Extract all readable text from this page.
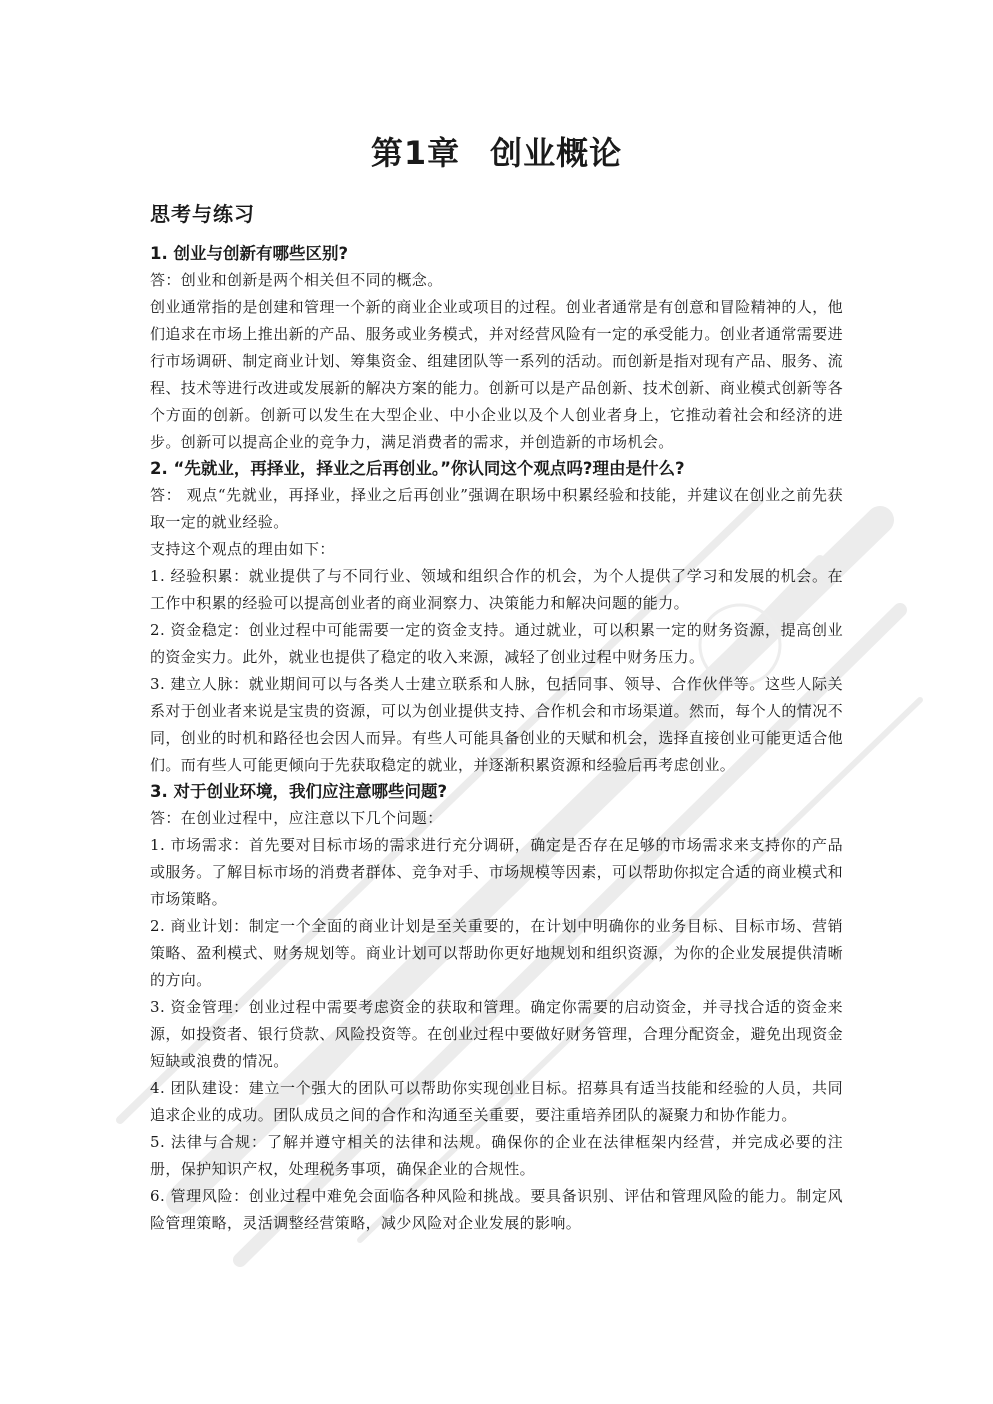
第1章 创业概论
思考与练习
1. 创业与创新有哪些区别?

答：创业和创新是两个相关但不同的概念。

创业通常指的是创建和管理一个新的商业企业或项目的过程。创业者通常是有创意和冒险精神的人，他们追求在市场上推出新的产品、服务或业务模式，并对经营风险有一定的承受能力。创业者通常需要进行市场调研、制定商业计划、筹集资金、组建团队等一系列的活动。而创新是指对现有产品、服务、流程、技术等进行改进或发展新的解决方案的能力。创新可以是产品创新、技术创新、商业模式创新等各个方面的创新。创新可以发生在大型企业、中小企业以及个人创业者身上，它推动着社会和经济的进步。创新可以提高企业的竞争力，满足消费者的需求，并创造新的市场机会。

2. “先就业，再择业，择业之后再创业。”你认同这个观点吗?理由是什么?

答： 观点“先就业，再择业，择业之后再创业”强调在职场中积累经验和技能，并建议在创业之前先获取一定的就业经验。

支持这个观点的理由如下：

1. 经验积累：就业提供了与不同行业、领域和组织合作的机会，为个人提供了学习和发展的机会。在工作中积累的经验可以提高创业者的商业洞察力、决策能力和解决问题的能力。

2. 资金稳定：创业过程中可能需要一定的资金支持。通过就业，可以积累一定的财务资源，提高创业的资金实力。此外，就业也提供了稳定的收入来源，减轻了创业过程中财务压力。

3. 建立人脉：就业期间可以与各类人士建立联系和人脉，包括同事、领导、合作伙伴等。这些人际关系对于创业者来说是宝贵的资源，可以为创业提供支持、合作机会和市场渠道。然而，每个人的情况不同，创业的时机和路径也会因人而异。有些人可能具备创业的天赋和机会，选择直接创业可能更适合他们。而有些人可能更倾向于先获取稳定的就业，并逐渐积累资源和经验后再考虑创业。

3. 对于创业环境，我们应注意哪些问题?

答：在创业过程中，应注意以下几个问题：

1. 市场需求：首先要对目标市场的需求进行充分调研，确定是否存在足够的市场需求来支持你的产品或服务。了解目标市场的消费者群体、竞争对手、市场规模等因素，可以帮助你拟定合适的商业模式和市场策略。

2. 商业计划：制定一个全面的商业计划是至关重要的，在计划中明确你的业务目标、目标市场、营销策略、盈利模式、财务规划等。商业计划可以帮助你更好地规划和组织资源，为你的企业发展提供清晰的方向。

3. 资金管理：创业过程中需要考虑资金的获取和管理。确定你需要的启动资金，并寻找合适的资金来源，如投资者、银行贷款、风险投资等。在创业过程中要做好财务管理，合理分配资金，避免出现资金短缺或浪费的情况。

4. 团队建设：建立一个强大的团队可以帮助你实现创业目标。招募具有适当技能和经验的人员，共同追求企业的成功。团队成员之间的合作和沟通至关重要，要注重培养团队的凝聚力和协作能力。

5. 法律与合规：了解并遵守相关的法律和法规。确保你的企业在法律框架内经营，并完成必要的注册，保护知识产权，处理税务事项，确保企业的合规性。

6. 管理风险：创业过程中难免会面临各种风险和挑战。要具备识别、评估和管理风险的能力。制定风险管理策略，灵活调整经营策略，减少风险对企业发展的影响。
